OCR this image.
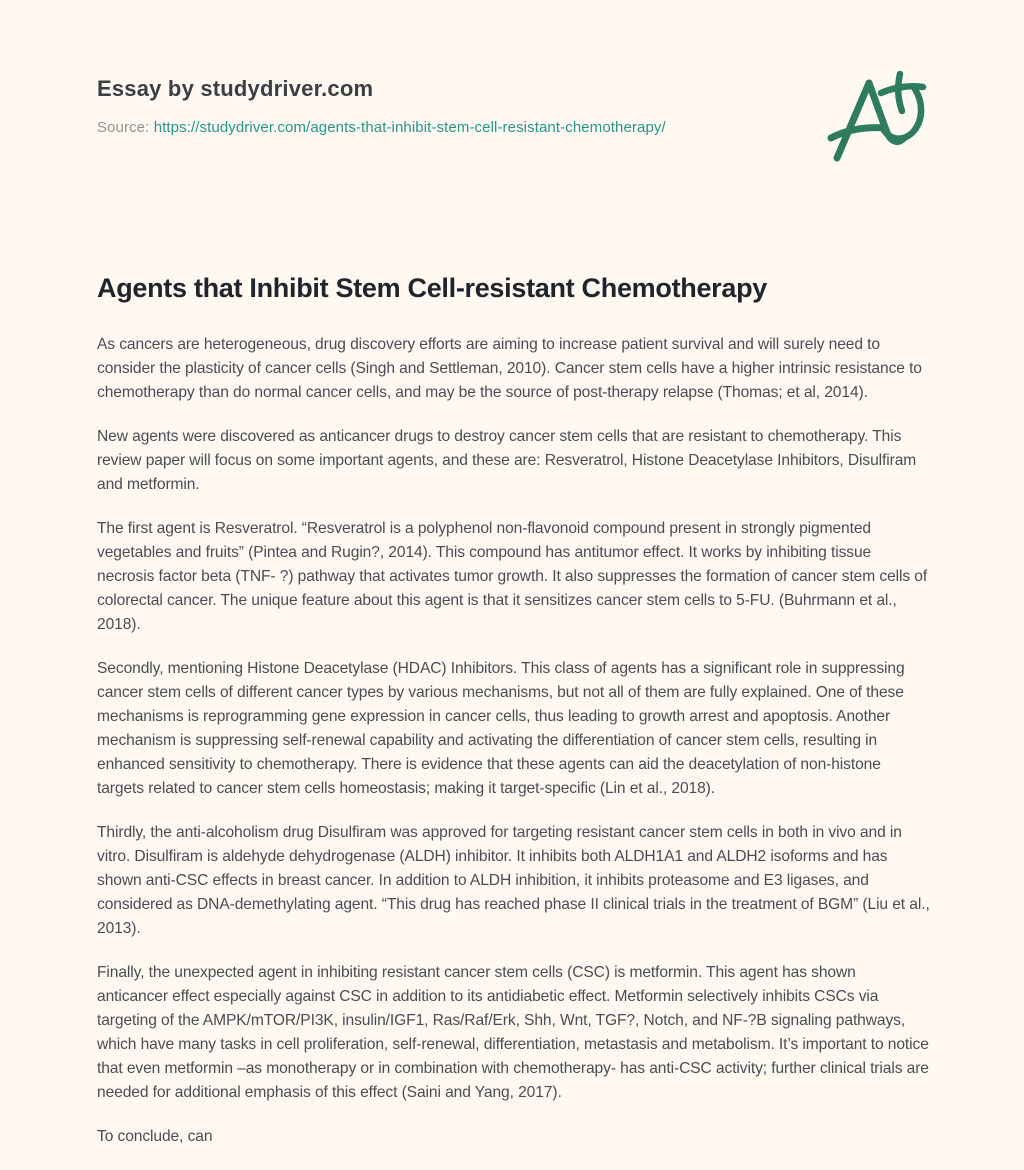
Essay by studydriver.com
Source: https://studydriver.com/agents-that-inhibit-stem-cell-resistant-chemotherapy/
Agents that Inhibit Stem Cell-resistant Chemotherapy

As cancers are heterogeneous, drug discovery efforts are aiming to increase patient survival and will surely need to consider the plasticity of cancer cells (Singh and Settleman, 2010). Cancer stem cells have a higher intrinsic resistance to chemotherapy than do normal cancer cells, and may be the source of post-therapy relapse (Thomas; et al, 2014).

New agents were discovered as anticancer drugs to destroy cancer stem cells that are resistant to chemotherapy. This review paper will focus on some important agents, and these are: Resveratrol, Histone Deacetylase Inhibitors, Disulfiram and metformin.

The first agent is Resveratrol. “Resveratrol is a polyphenol non-flavonoid compound present in strongly pigmented vegetables and fruits” (Pintea and Rugin?, 2014). This compound has antitumor effect. It works by inhibiting tissue necrosis factor beta (TNF- ?) pathway that activates tumor growth. It also suppresses the formation of cancer stem cells of colorectal cancer. The unique feature about this agent is that it sensitizes cancer stem cells to 5-FU. (Buhrmann et al., 2018).

Secondly, mentioning Histone Deacetylase (HDAC) Inhibitors. This class of agents has a significant role in suppressing cancer stem cells of different cancer types by various mechanisms, but not all of them are fully explained. One of these mechanisms is reprogramming gene expression in cancer cells, thus leading to growth arrest and apoptosis. Another mechanism is suppressing self-renewal capability and activating the differentiation of cancer stem cells, resulting in enhanced sensitivity to chemotherapy. There is evidence that these agents can aid the deacetylation of non-histone targets related to cancer stem cells homeostasis; making it target-specific (Lin et al., 2018).

Thirdly, the anti-alcoholism drug Disulfiram was approved for targeting resistant cancer stem cells in both in vivo and in vitro. Disulfiram is aldehyde dehydrogenase (ALDH) inhibitor. It inhibits both ALDH1A1 and ALDH2 isoforms and has shown anti-CSC effects in breast cancer. In addition to ALDH inhibition, it inhibits proteasome and E3 ligases, and considered as DNA-demethylating agent. “This drug has reached phase II clinical trials in the treatment of BGM” (Liu et al., 2013).

Finally, the unexpected agent in inhibiting resistant cancer stem cells (CSC) is metformin. This agent has shown anticancer effect especially against CSC in addition to its antidiabetic effect. Metformin selectively inhibits CSCs via targeting of the AMPK/mTOR/PI3K, insulin/IGF1, Ras/Raf/Erk, Shh, Wnt, TGF?, Notch, and NF-?B signaling pathways, which have many tasks in cell proliferation, self-renewal, differentiation, metastasis and metabolism. It’s important to notice that even metformin –as monotherapy or in combination with chemotherapy- has anti-CSC activity; further clinical trials are needed for additional emphasis of this effect (Saini and Yang, 2017).

To conclude, can
